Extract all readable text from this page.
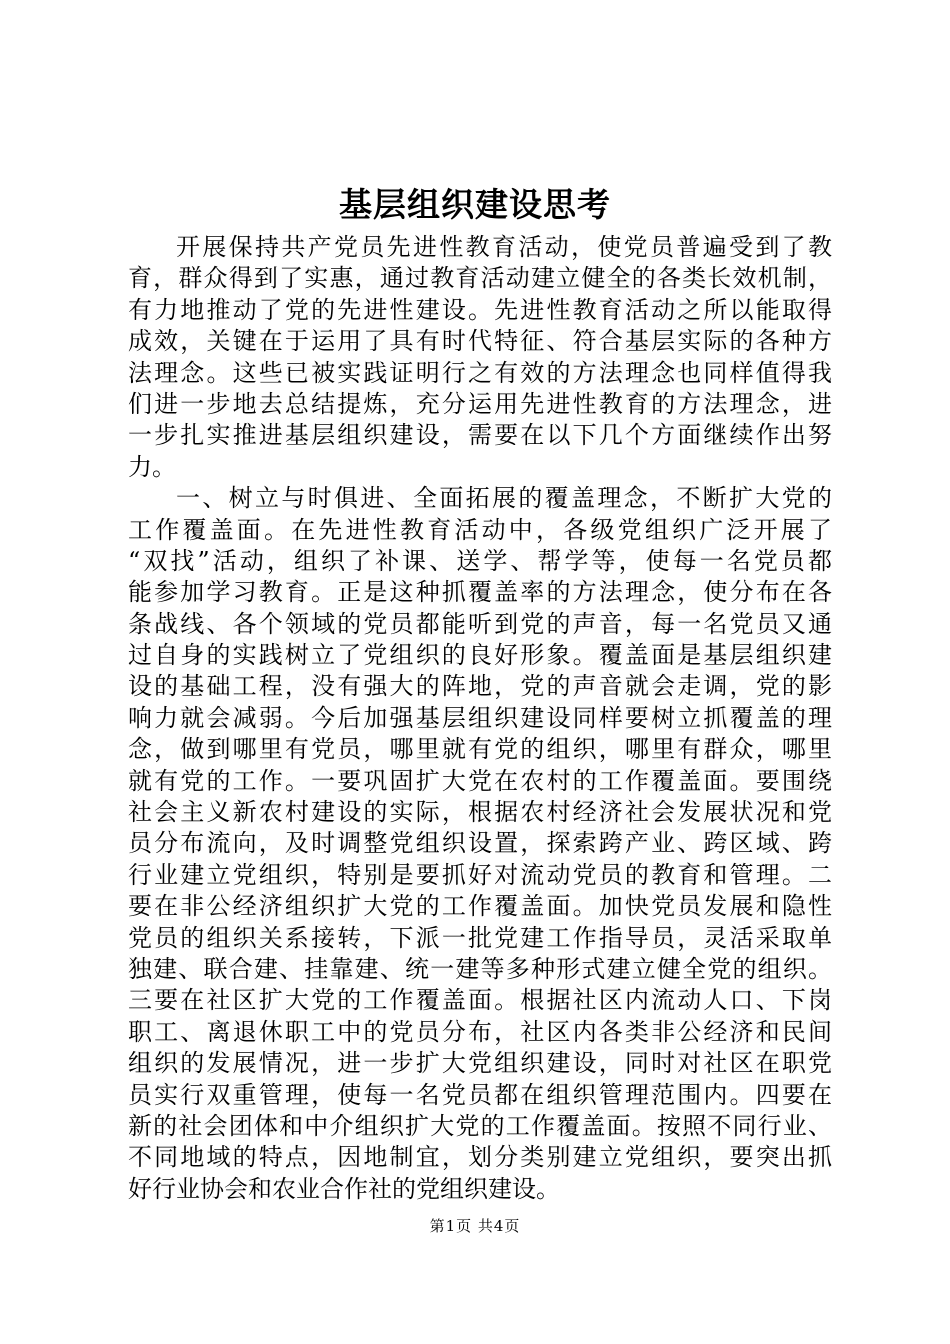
基层组织建设思考
开展保持共产党员先进性教育活动，使党员普遍受到了教
育，群众得到了实惠，通过教育活动建立健全的各类长效机制，
有力地推动了党的先进性建设。先进性教育活动之所以能取得
成效，关键在于运用了具有时代特征、符合基层实际的各种方
法理念。这些已被实践证明行之有效的方法理念也同样值得我
们进一步地去总结提炼，充分运用先进性教育的方法理念，进
一步扎实推进基层组织建设，需要在以下几个方面继续作出努
力。
一、树立与时俱进、全面拓展的覆盖理念，不断扩大党的
工作覆盖面。在先进性教育活动中，各级党组织广泛开展了
“双找”活动，组织了补课、送学、帮学等，使每一名党员都
能参加学习教育。正是这种抓覆盖率的方法理念，使分布在各
条战线、各个领域的党员都能听到党的声音，每一名党员又通
过自身的实践树立了党组织的良好形象。覆盖面是基层组织建
设的基础工程，没有强大的阵地，党的声音就会走调，党的影
响力就会减弱。今后加强基层组织建设同样要树立抓覆盖的理
念，做到哪里有党员，哪里就有党的组织，哪里有群众，哪里
就有党的工作。一要巩固扩大党在农村的工作覆盖面。要围绕
社会主义新农村建设的实际，根据农村经济社会发展状况和党
员分布流向，及时调整党组织设置，探索跨产业、跨区域、跨
行业建立党组织，特别是要抓好对流动党员的教育和管理。二
要在非公经济组织扩大党的工作覆盖面。加快党员发展和隐性
党员的组织关系接转，下派一批党建工作指导员，灵活采取单
独建、联合建、挂靠建、统一建等多种形式建立健全党的组织。
三要在社区扩大党的工作覆盖面。根据社区内流动人口、下岗
职工、离退休职工中的党员分布，社区内各类非公经济和民间
组织的发展情况，进一步扩大党组织建设，同时对社区在职党
员实行双重管理，使每一名党员都在组织管理范围内。四要在
新的社会团体和中介组织扩大党的工作覆盖面。按照不同行业、
不同地域的特点，因地制宜，划分类别建立党组织，要突出抓
好行业协会和农业合作社的党组织建设。
第1页 共4页
